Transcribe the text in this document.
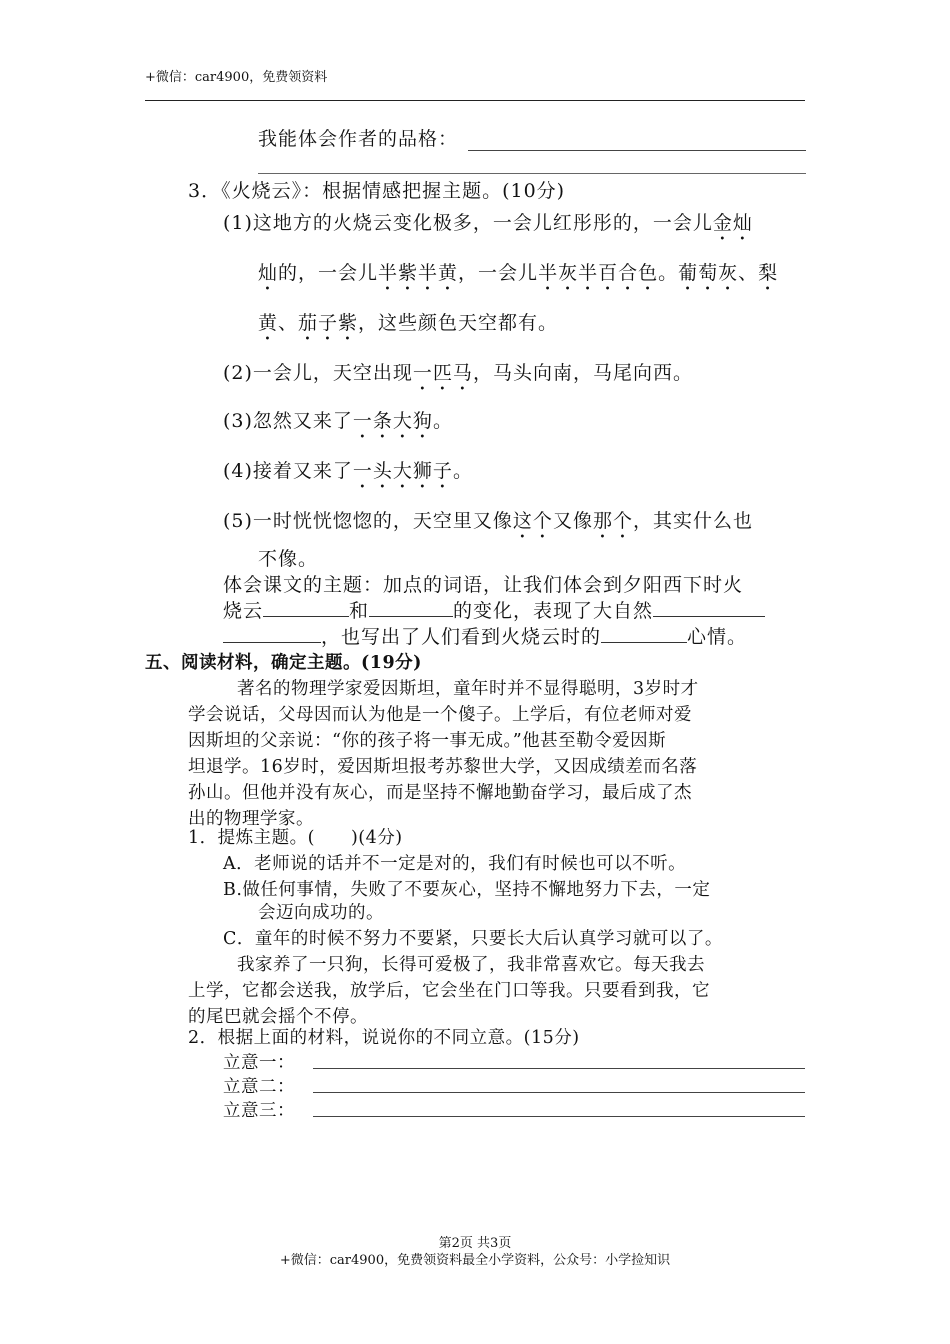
+微信：car4900，免费领资料
我能体会作者的品格：
3．《火烧云》：根据情感把握主题。(10分)
(1)这地方的火烧云变化极多，一会儿红彤彤的，一会儿金灿
灿的，一会儿半紫半黄，一会儿半灰半百合色。葡萄灰、梨
黄、茄子紫，这些颜色天空都有。
(2)一会儿，天空出现一匹马，马头向南，马尾向西。
(3)忽然又来了一条大狗。
(4)接着又来了一头大狮子。
(5)一时恍恍惚惚的，天空里又像这个又像那个，其实什么也
不像。
体会课文的主题：加点的词语，让我们体会到夕阳西下时火
烧云	和	的变化，表现了大自然
，也写出了人们看到火烧云时的	心情。
五、阅读材料，确定主题。(19分)
著名的物理学家爱因斯坦，童年时并不显得聪明，3岁时才
学会说话，父母因而认为他是一个傻子。上学后，有位老师对爱
因斯坦的父亲说：“你的孩子将一事无成。”他甚至勒令爱因斯
坦退学。16岁时，爱因斯坦报考苏黎世大学，又因成绩差而名落
孙山。但他并没有灰心，而是坚持不懈地勤奋学习，最后成了杰
出的物理学家。
1．提炼主题。(　　)(4分)
A．老师说的话并不一定是对的，我们有时候也可以不听。
B.做任何事情，失败了不要灰心，坚持不懈地努力下去，一定
会迈向成功的。
C．童年的时候不努力不要紧，只要长大后认真学习就可以了。
我家养了一只狗，长得可爱极了，我非常喜欢它。每天我去
上学，它都会送我，放学后，它会坐在门口等我。只要看到我，它
的尾巴就会摇个不停。
2．根据上面的材料，说说你的不同立意。(15分)
立意一：
立意二：
立意三：
第2页 共3页
+微信：car4900，免费领资料最全小学资料，公众号：小学捡知识
